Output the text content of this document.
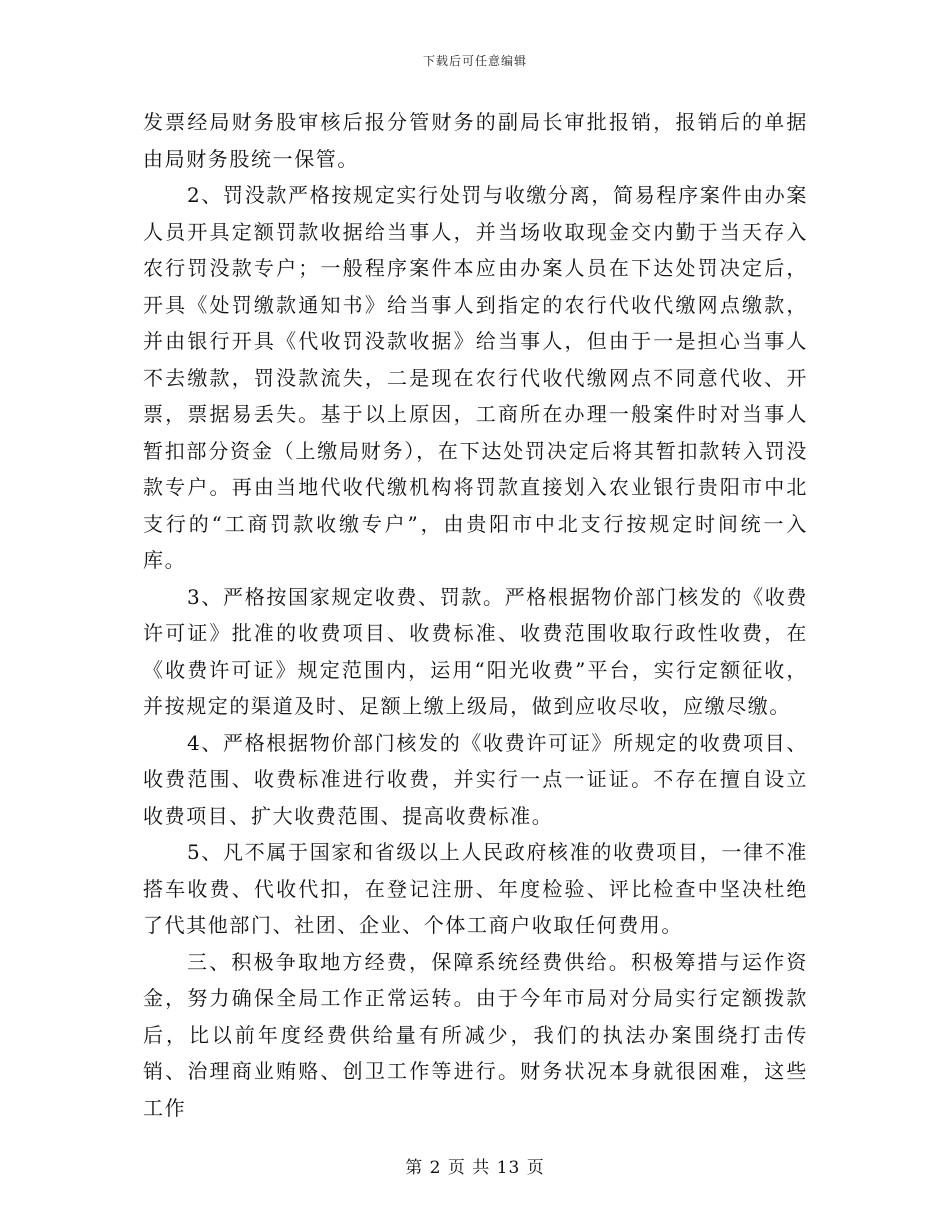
下载后可任意编辑

发票经局财务股审核后报分管财务的副局长审批报销，报销后的单据由局财务股统一保管。

2、罚没款严格按规定实行处罚与收缴分离，简易程序案件由办案人员开具定额罚款收据给当事人，并当场收取现金交内勤于当天存入农行罚没款专户；一般程序案件本应由办案人员在下达处罚决定后，开具《处罚缴款通知书》给当事人到指定的农行代收代缴网点缴款，并由银行开具《代收罚没款收据》给当事人，但由于一是担心当事人不去缴款，罚没款流失，二是现在农行代收代缴网点不同意代收、开票，票据易丢失。基于以上原因，工商所在办理一般案件时对当事人暂扣部分资金（上缴局财务），在下达处罚决定后将其暂扣款转入罚没款专户。再由当地代收代缴机构将罚款直接划入农业银行贵阳市中北支行的“工商罚款收缴专户”，由贵阳市中北支行按规定时间统一入库。

3、严格按国家规定收费、罚款。严格根据物价部门核发的《收费许可证》批准的收费项目、收费标准、收费范围收取行政性收费，在《收费许可证》规定范围内，运用“阳光收费”平台，实行定额征收，并按规定的渠道及时、足额上缴上级局，做到应收尽收，应缴尽缴。

4、严格根据物价部门核发的《收费许可证》所规定的收费项目、收费范围、收费标准进行收费，并实行一点一证证。不存在擅自设立收费项目、扩大收费范围、提高收费标准。

5、凡不属于国家和省级以上人民政府核准的收费项目，一律不准搭车收费、代收代扣，在登记注册、年度检验、评比检查中坚决杜绝了代其他部门、社团、企业、个体工商户收取任何费用。

三、积极争取地方经费，保障系统经费供给。积极筹措与运作资金，努力确保全局工作正常运转。由于今年市局对分局实行定额拨款后，比以前年度经费供给量有所减少，我们的执法办案围绕打击传销、治理商业贿赂、创卫工作等进行。财务状况本身就很困难，这些工作

第 2 页 共 13 页
